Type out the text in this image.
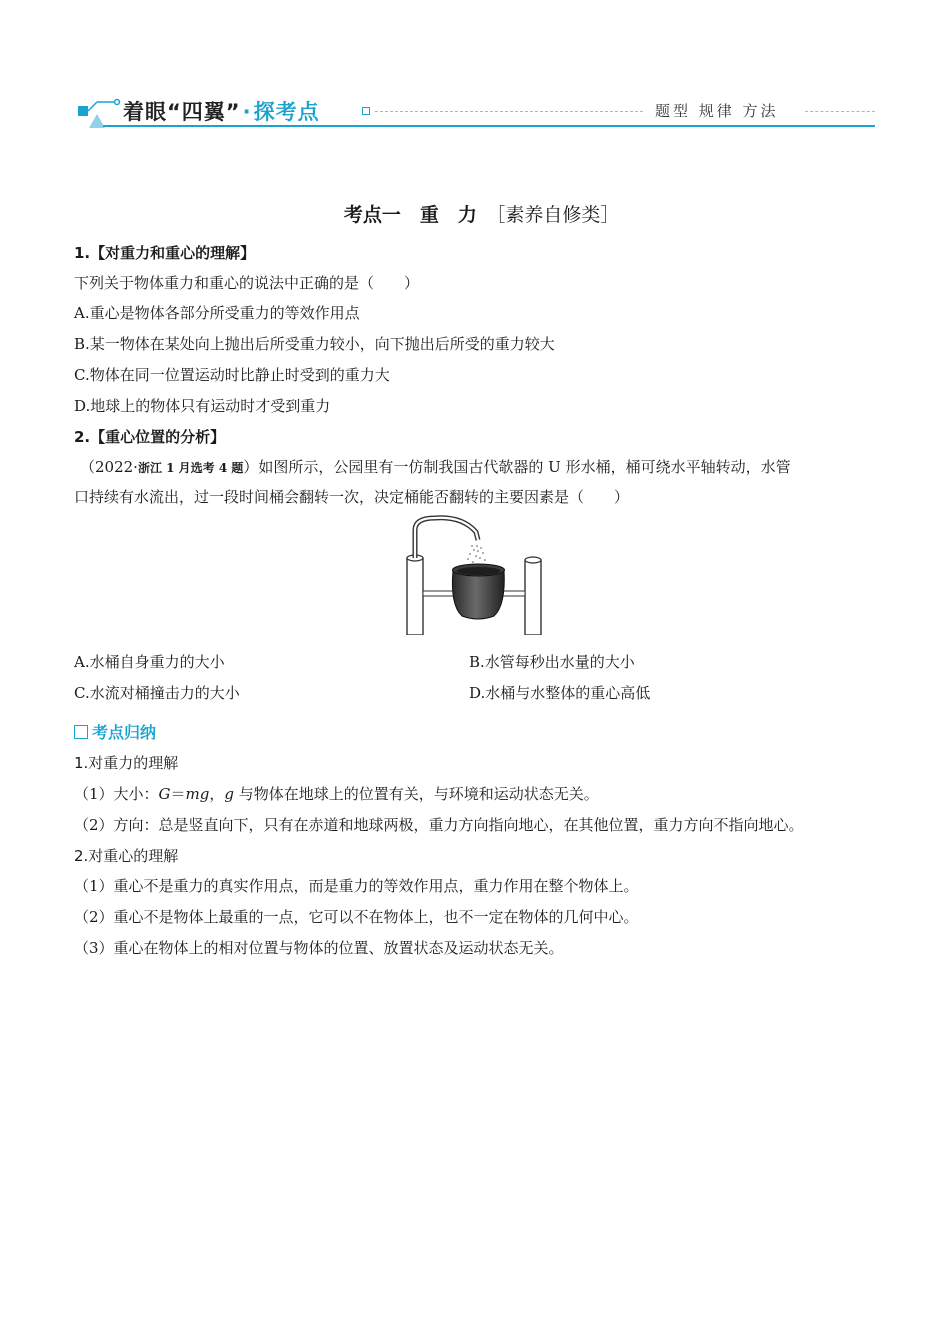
着眼“四翼”·探考点	题型 规律 方法

考点一　重　力　 ［素养自修类］

1.【对重力和重心的理解】
下列关于物体重力和重心的说法中正确的是（　　）
A.重心是物体各部分所受重力的等效作用点
B.某一物体在某处向上抛出后所受重力较小，向下抛出后所受的重力较大
C.物体在同一位置运动时比静止时受到的重力大
D.地球上的物体只有运动时才受到重力
2.【重心位置的分析】
（2022·浙江 1 月选考 4 题）如图所示，公园里有一仿制我国古代欹器的 U 形水桶，桶可绕水平轴转动，水管
口持续有水流出，过一段时间桶会翻转一次，决定桶能否翻转的主要因素是（　　）
A.水桶自身重力的大小	B.水管每秒出水量的大小
C.水流对桶撞击力的大小	D.水桶与水整体的重心高低
考点归纳
1.对重力的理解
（1）大小：G＝mg，g 与物体在地球上的位置有关，与环境和运动状态无关。
（2）方向：总是竖直向下，只有在赤道和地球两极，重力方向指向地心，在其他位置，重力方向不指向地心。
2.对重心的理解
（1）重心不是重力的真实作用点，而是重力的等效作用点，重力作用在整个物体上。
（2）重心不是物体上最重的一点，它可以不在物体上，也不一定在物体的几何中心。
（3）重心在物体上的相对位置与物体的位置、放置状态及运动状态无关。
